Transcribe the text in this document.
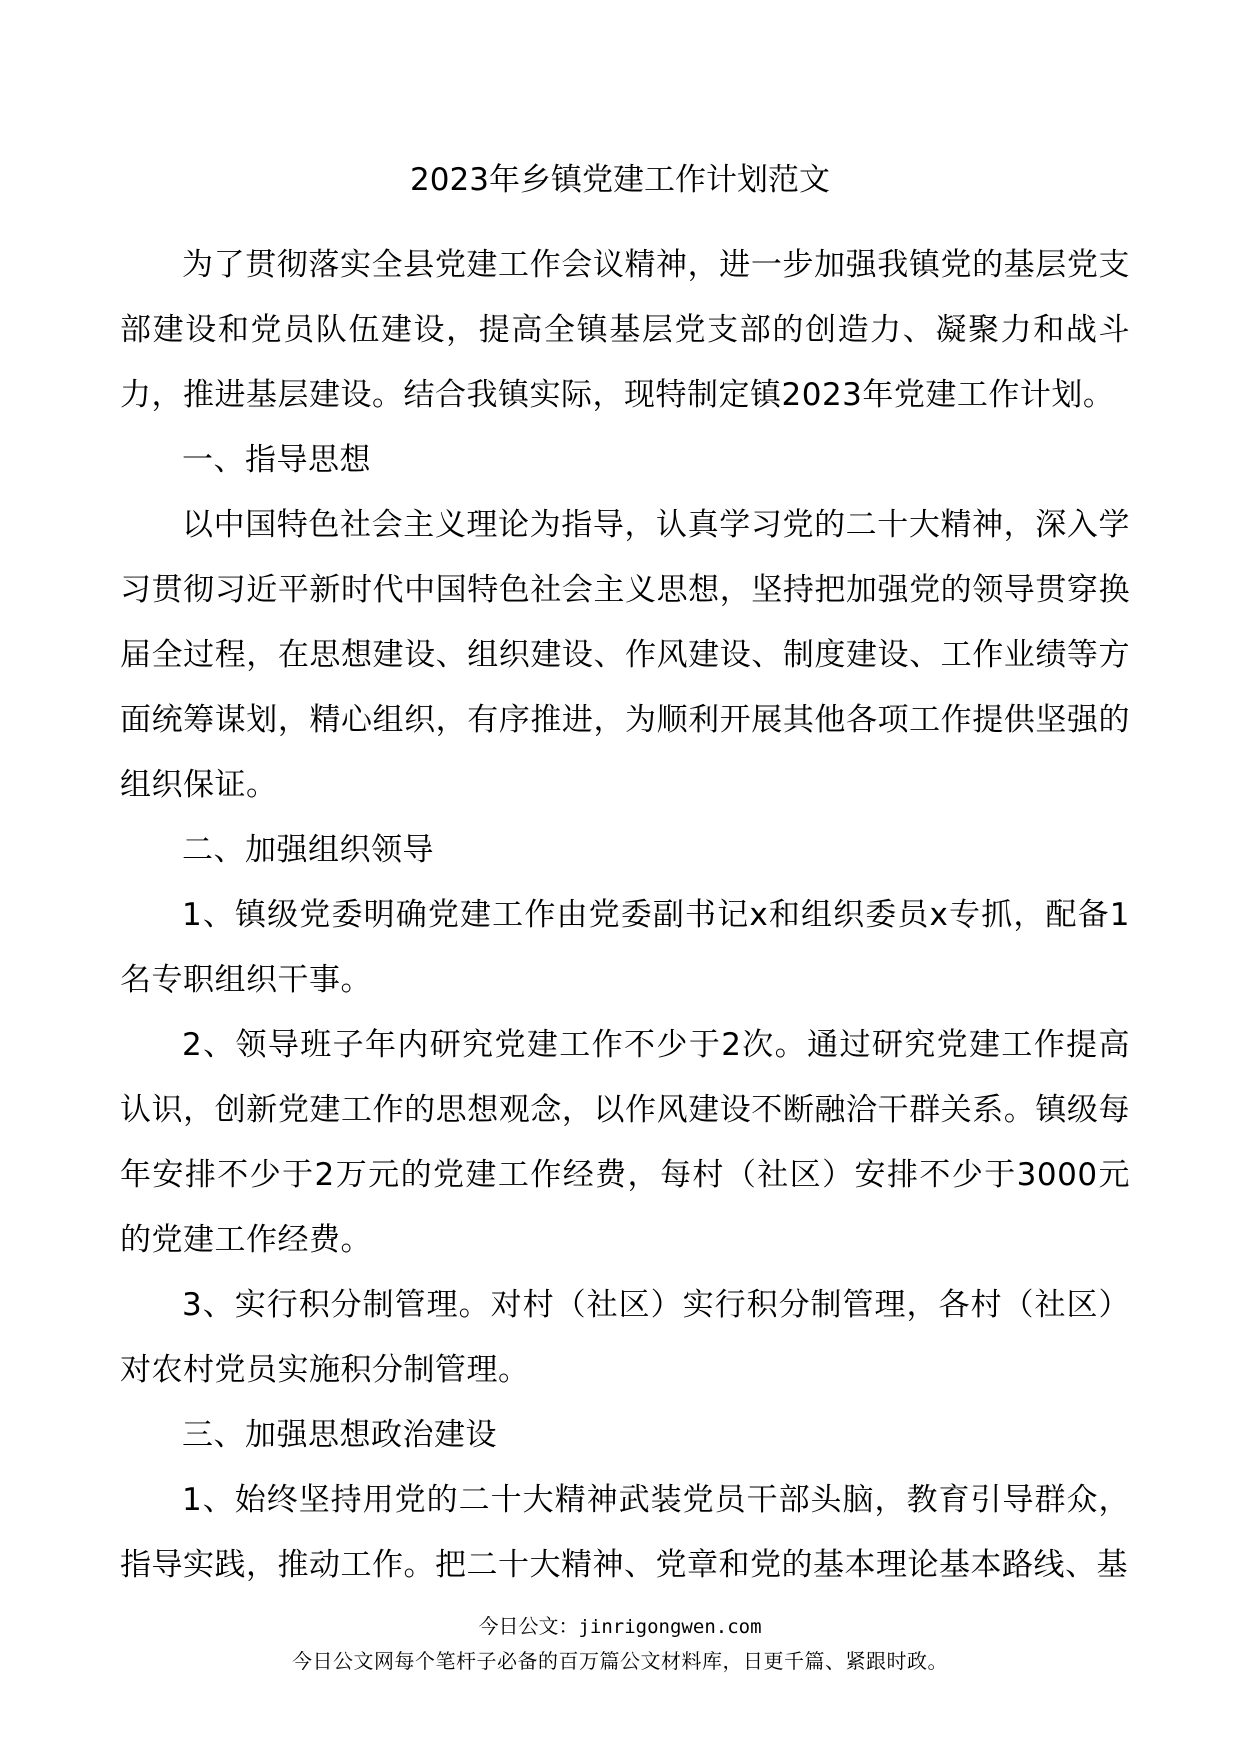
2023年乡镇党建工作计划范文

为了贯彻落实全县党建工作会议精神，进一步加强我镇党的基层党支部建设和党员队伍建设，提高全镇基层党支部的创造力、凝聚力和战斗力，推进基层建设。结合我镇实际，现特制定镇2023年党建工作计划。

一、指导思想

以中国特色社会主义理论为指导，认真学习党的二十大精神，深入学习贯彻习近平新时代中国特色社会主义思想，坚持把加强党的领导贯穿换届全过程，在思想建设、组织建设、作风建设、制度建设、工作业绩等方面统筹谋划，精心组织，有序推进，为顺利开展其他各项工作提供坚强的组织保证。

二、加强组织领导

1、镇级党委明确党建工作由党委副书记x和组织委员x专抓，配备1名专职组织干事。

2、领导班子年内研究党建工作不少于2次。通过研究党建工作提高认识，创新党建工作的思想观念，以作风建设不断融洽干群关系。镇级每年安排不少于2万元的党建工作经费，每村（社区）安排不少于3000元的党建工作经费。

3、实行积分制管理。对村（社区）实行积分制管理，各村（社区）对农村党员实施积分制管理。

三、加强思想政治建设

1、始终坚持用党的二十大精神武装党员干部头脑，教育引导群众，指导实践，推动工作。把二十大精神、党章和党的基本理论基本路线、基

今日公文：jinrigongwen.com
今日公文网每个笔杆子必备的百万篇公文材料库，日更千篇、紧跟时政。
